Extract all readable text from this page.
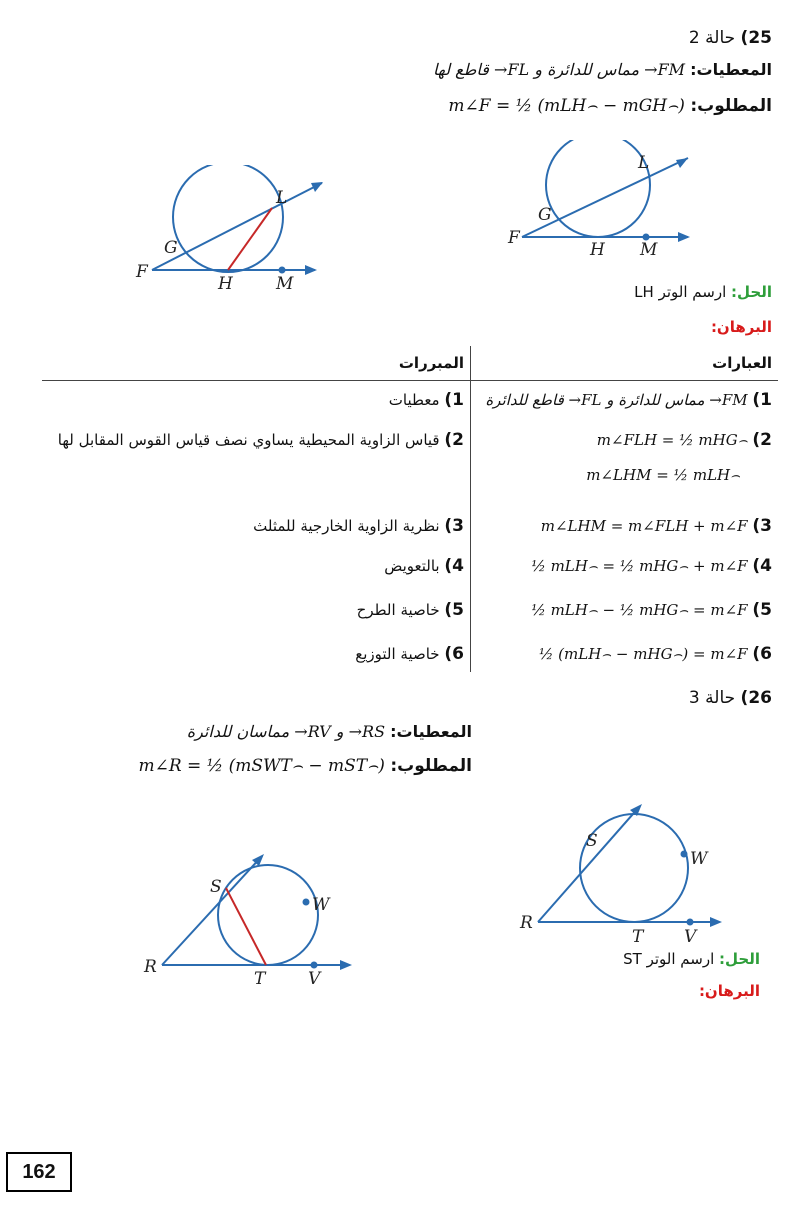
25) حالة 2
المعطيات: FM→ مماس للدائرة و FL→ قاطع لها
المطلوب: m∠F = ½ (mLH⌢ − mGH⌢)
L
G
F
H M
L
G
F
H	M	الحل: ارسم الوتر LH
البرهان:
العبارات
المبررات
1) FM→ مماس للدائرة و FL→ قاطع للدائرة
1) معطيات
2) m∠FLH = ½ mHG⌢
m∠LHM = ½ mLH⌢
2) قياس الزاوية المحيطية يساوي نصف قياس القوس المقابل لها
3) m∠LHM = m∠FLH + m∠F
3) نظرية الزاوية الخارجية للمثلث
4) ½ mLH⌢ = ½ mHG⌢ + m∠F
4) بالتعويض
5) ½ mLH⌢ − ½ mHG⌢ = m∠F
5) خاصية الطرح
6) ½ (mLH⌢ − mHG⌢) = m∠F
6) خاصية التوزيع
26) حالة 3
المعطيات: RS→ و RV→ مماسان للدائرة
المطلوب: m∠R = ½ (mSWT⌢ − mST⌢)
S
W
R
T V
S
W
R
T	V
الحل: ارسم الوتر ST
البرهان:
162
